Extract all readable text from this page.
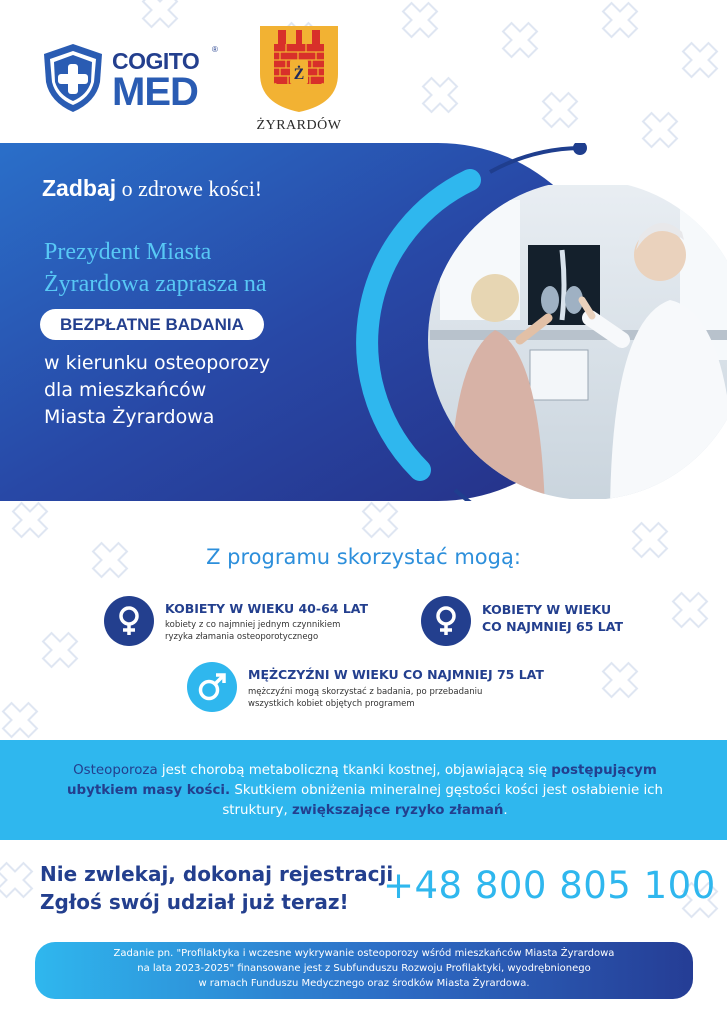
COGITO ®
MED	Ż
ŻYRARDÓW
Zadbaj o zdrowe kości!
Prezydent Miasta
Żyrardowa zaprasza na
BEZPŁATNE BADANIA
w kierunku osteoporozy
dla mieszkańców
Miasta Żyrardowa
Z programu skorzystać mogą:
KOBIETY W WIEKU 40-64 LAT
kobiety z co najmniej jednym czynnikiem
ryzyka złamania osteoporotycznego
KOBIETY W WIEKU
CO NAJMNIEJ 65 LAT
MĘŻCZYŹNI W WIEKU CO NAJMNIEJ 75 LAT
mężczyźni mogą skorzystać z badania, po przebadaniu
wszystkich kobiet objętych programem
Osteoporoza jest chorobą metaboliczną tkanki kostnej, objawiającą się postępującym
ubytkiem masy kości. Skutkiem obniżenia mineralnej gęstości kości jest osłabienie ich
struktury, zwiększające ryzyko złamań.
Nie zwlekaj, dokonaj rejestracji
Zgłoś swój udział już teraz! +48 800 805 100
Zadanie pn. "Profilaktyka i wczesne wykrywanie osteoporozy wśród mieszkańców Miasta Żyrardowa
na lata 2023-2025" finansowane jest z Subfunduszu Rozwoju Profilaktyki, wyodrębnionego
w ramach Funduszu Medycznego oraz środków Miasta Żyrardowa.
